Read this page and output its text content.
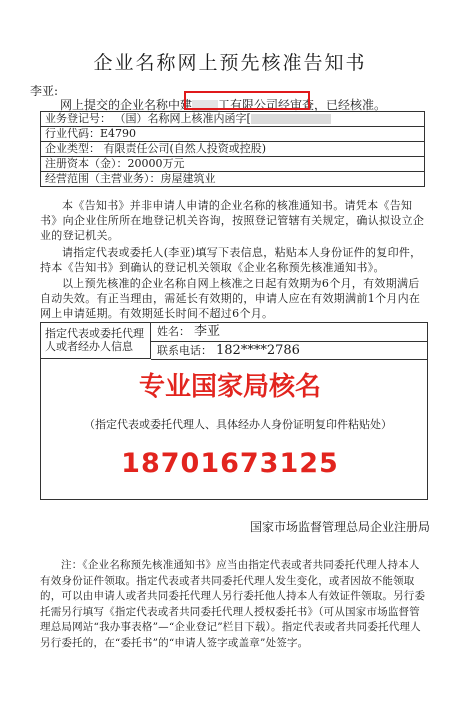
企业名称网上预先核准告知书
李亚:
网上提交的企业名称中建 工有限公司经审查，已经核准。
业务登记号： （国）名称网上核准内函字[
行业代码：E4790
企业类型： 有限责任公司(自然人投资或控股)
注册资本（金）：20000万元
经营范围（主营业务）：房屋建筑业
本《告知书》并非申请人申请的企业名称的核准通知书。请凭本《告知书》向企业住所所在地登记机关咨询，按照登记管辖有关规定，确认拟设立企业的登记机关。
请指定代表或委托人(李亚)填写下表信息，粘贴本人身份证件的复印件，持本《告知书》到确认的登记机关领取《企业名称预先核准通知书》。
以上预先核准的企业名称自网上核准之日起有效期为6个月，有效期满后自动失效。有正当理由，需延长有效期的，申请人应在有效期满前1个月内在网上申请延期。有效期延长时间不超过6个月。
指定代表或委托代理人或者经办人信息
姓名： 李亚
联系电话： 182****2786
专业国家局核名
（指定代表或委托代理人、具体经办人身份证明复印件粘贴处）
18701673125
国家市场监督管理总局企业注册局
注：《企业名称预先核准通知书》应当由指定代表或者共同委托代理人持本人有效身份证件领取。指定代表或者共同委托代理人发生变化，或者因故不能领取的，可以由申请人或者共同委托代理人另行委托他人持本人有效证件领取。另行委托需另行填写《指定代表或者共同委托代理人授权委托书》（可从国家市场监督管理总局网站“我办事表格”—“企业登记”栏目下载）。指定代表或者共同委托代理人另行委托的，在“委托书”的“申请人签字或盖章”处签字。
